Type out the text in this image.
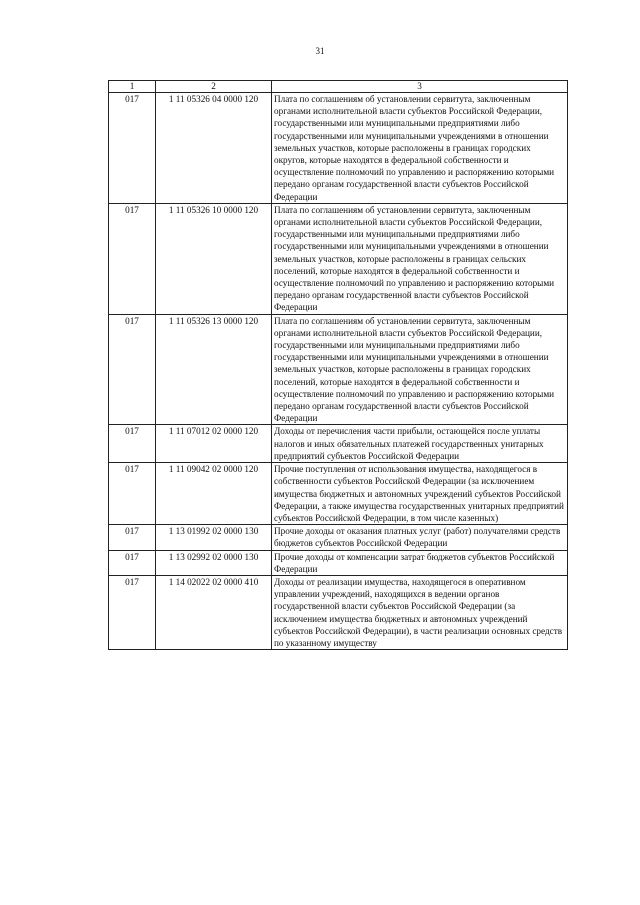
31
1	2	3
017	1 11 05326 04 0000 120	Плата по соглашениям об установлении сервитута, заключенным органами исполнительной власти субъектов Российской Федерации, государственными или муниципальными предприятиями либо государственными или муниципальными учреждениями в отношении земельных участков, которые расположены в границах городских округов, которые находятся в федеральной собственности и осуществление полномочий по управлению и распоряжению которыми передано органам государственной власти субъектов Российской Федерации
017	1 11 05326 10 0000 120	Плата по соглашениям об установлении сервитута, заключенным органами исполнительной власти субъектов Российской Федерации, государственными или муниципальными предприятиями либо государственными или муниципальными учреждениями в отношении земельных участков, которые расположены в границах сельских поселений, которые находятся в федеральной собственности и осуществление полномочий по управлению и распоряжению которыми передано органам государственной власти субъектов Российской Федерации
017	1 11 05326 13 0000 120	Плата по соглашениям об установлении сервитута, заключенным органами исполнительной власти субъектов Российской Федерации, государственными или муниципальными предприятиями либо государственными или муниципальными учреждениями в отношении земельных участков, которые расположены в границах городских поселений, которые находятся в федеральной собственности и осуществление полномочий по управлению и распоряжению которыми передано органам государственной власти субъектов Российской Федерации
017	1 11 07012 02 0000 120	Доходы от перечисления части прибыли, остающейся после уплаты налогов и иных обязательных платежей государственных унитарных предприятий субъектов Российской Федерации
017	1 11 09042 02 0000 120	Прочие поступления от использования имущества, находящегося в собственности субъектов Российской Федерации (за исключением имущества бюджетных и автономных учреждений субъектов Российской Федерации, а также имущества государственных унитарных предприятий субъектов Российской Федерации, в том числе казенных)
017	1 13 01992 02 0000 130	Прочие доходы от оказания платных услуг (работ) получателями средств бюджетов субъектов Российской Федерации
017	1 13 02992 02 0000 130	Прочие доходы от компенсации затрат бюджетов субъектов Российской Федерации
017	1 14 02022 02 0000 410	Доходы от реализации имущества, находящегося в оперативном управлении учреждений, находящихся в ведении органов государственной власти субъектов Российской Федерации (за исключением имущества бюджетных и автономных учреждений субъектов Российской Федерации), в части реализации основных средств по указанному имуществу
